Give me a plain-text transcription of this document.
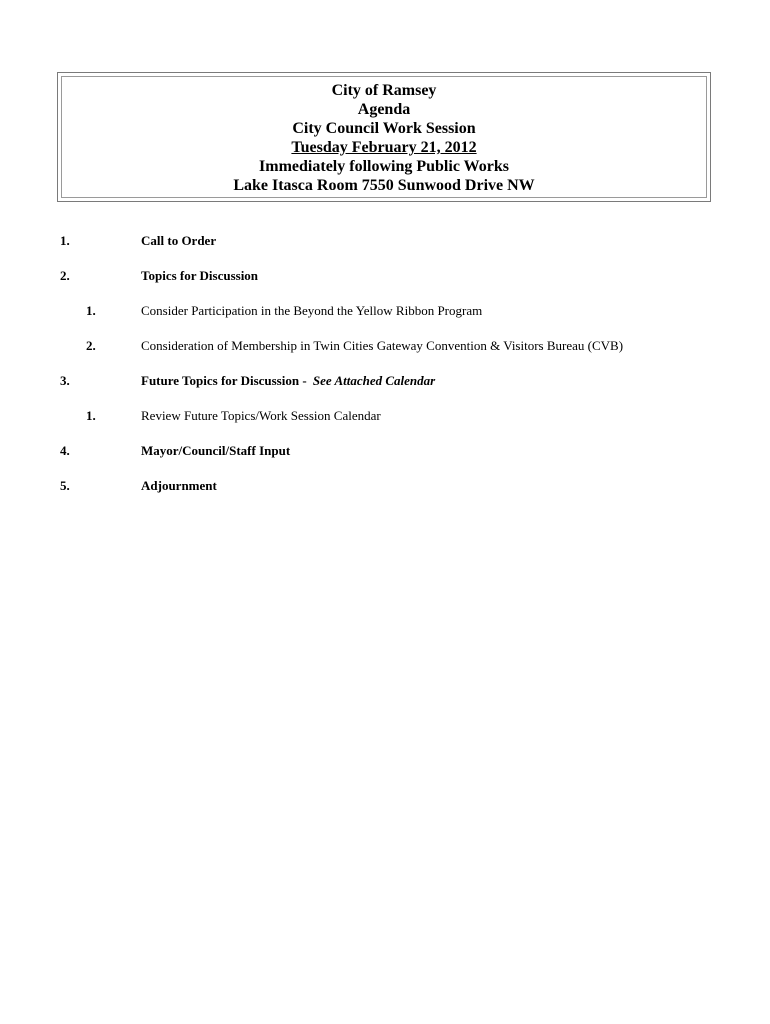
City of Ramsey
Agenda
City Council Work Session
Tuesday February 21, 2012
Immediately following Public Works
Lake Itasca Room 7550 Sunwood Drive NW
1.	Call to Order
2.	Topics for Discussion
1.	Consider Participation in the Beyond the Yellow Ribbon Program
2.	Consideration of Membership in Twin Cities Gateway Convention & Visitors Bureau (CVB)
3.	Future Topics for Discussion - See Attached Calendar
1.	Review Future Topics/Work Session Calendar
4.	Mayor/Council/Staff Input
5.	Adjournment
